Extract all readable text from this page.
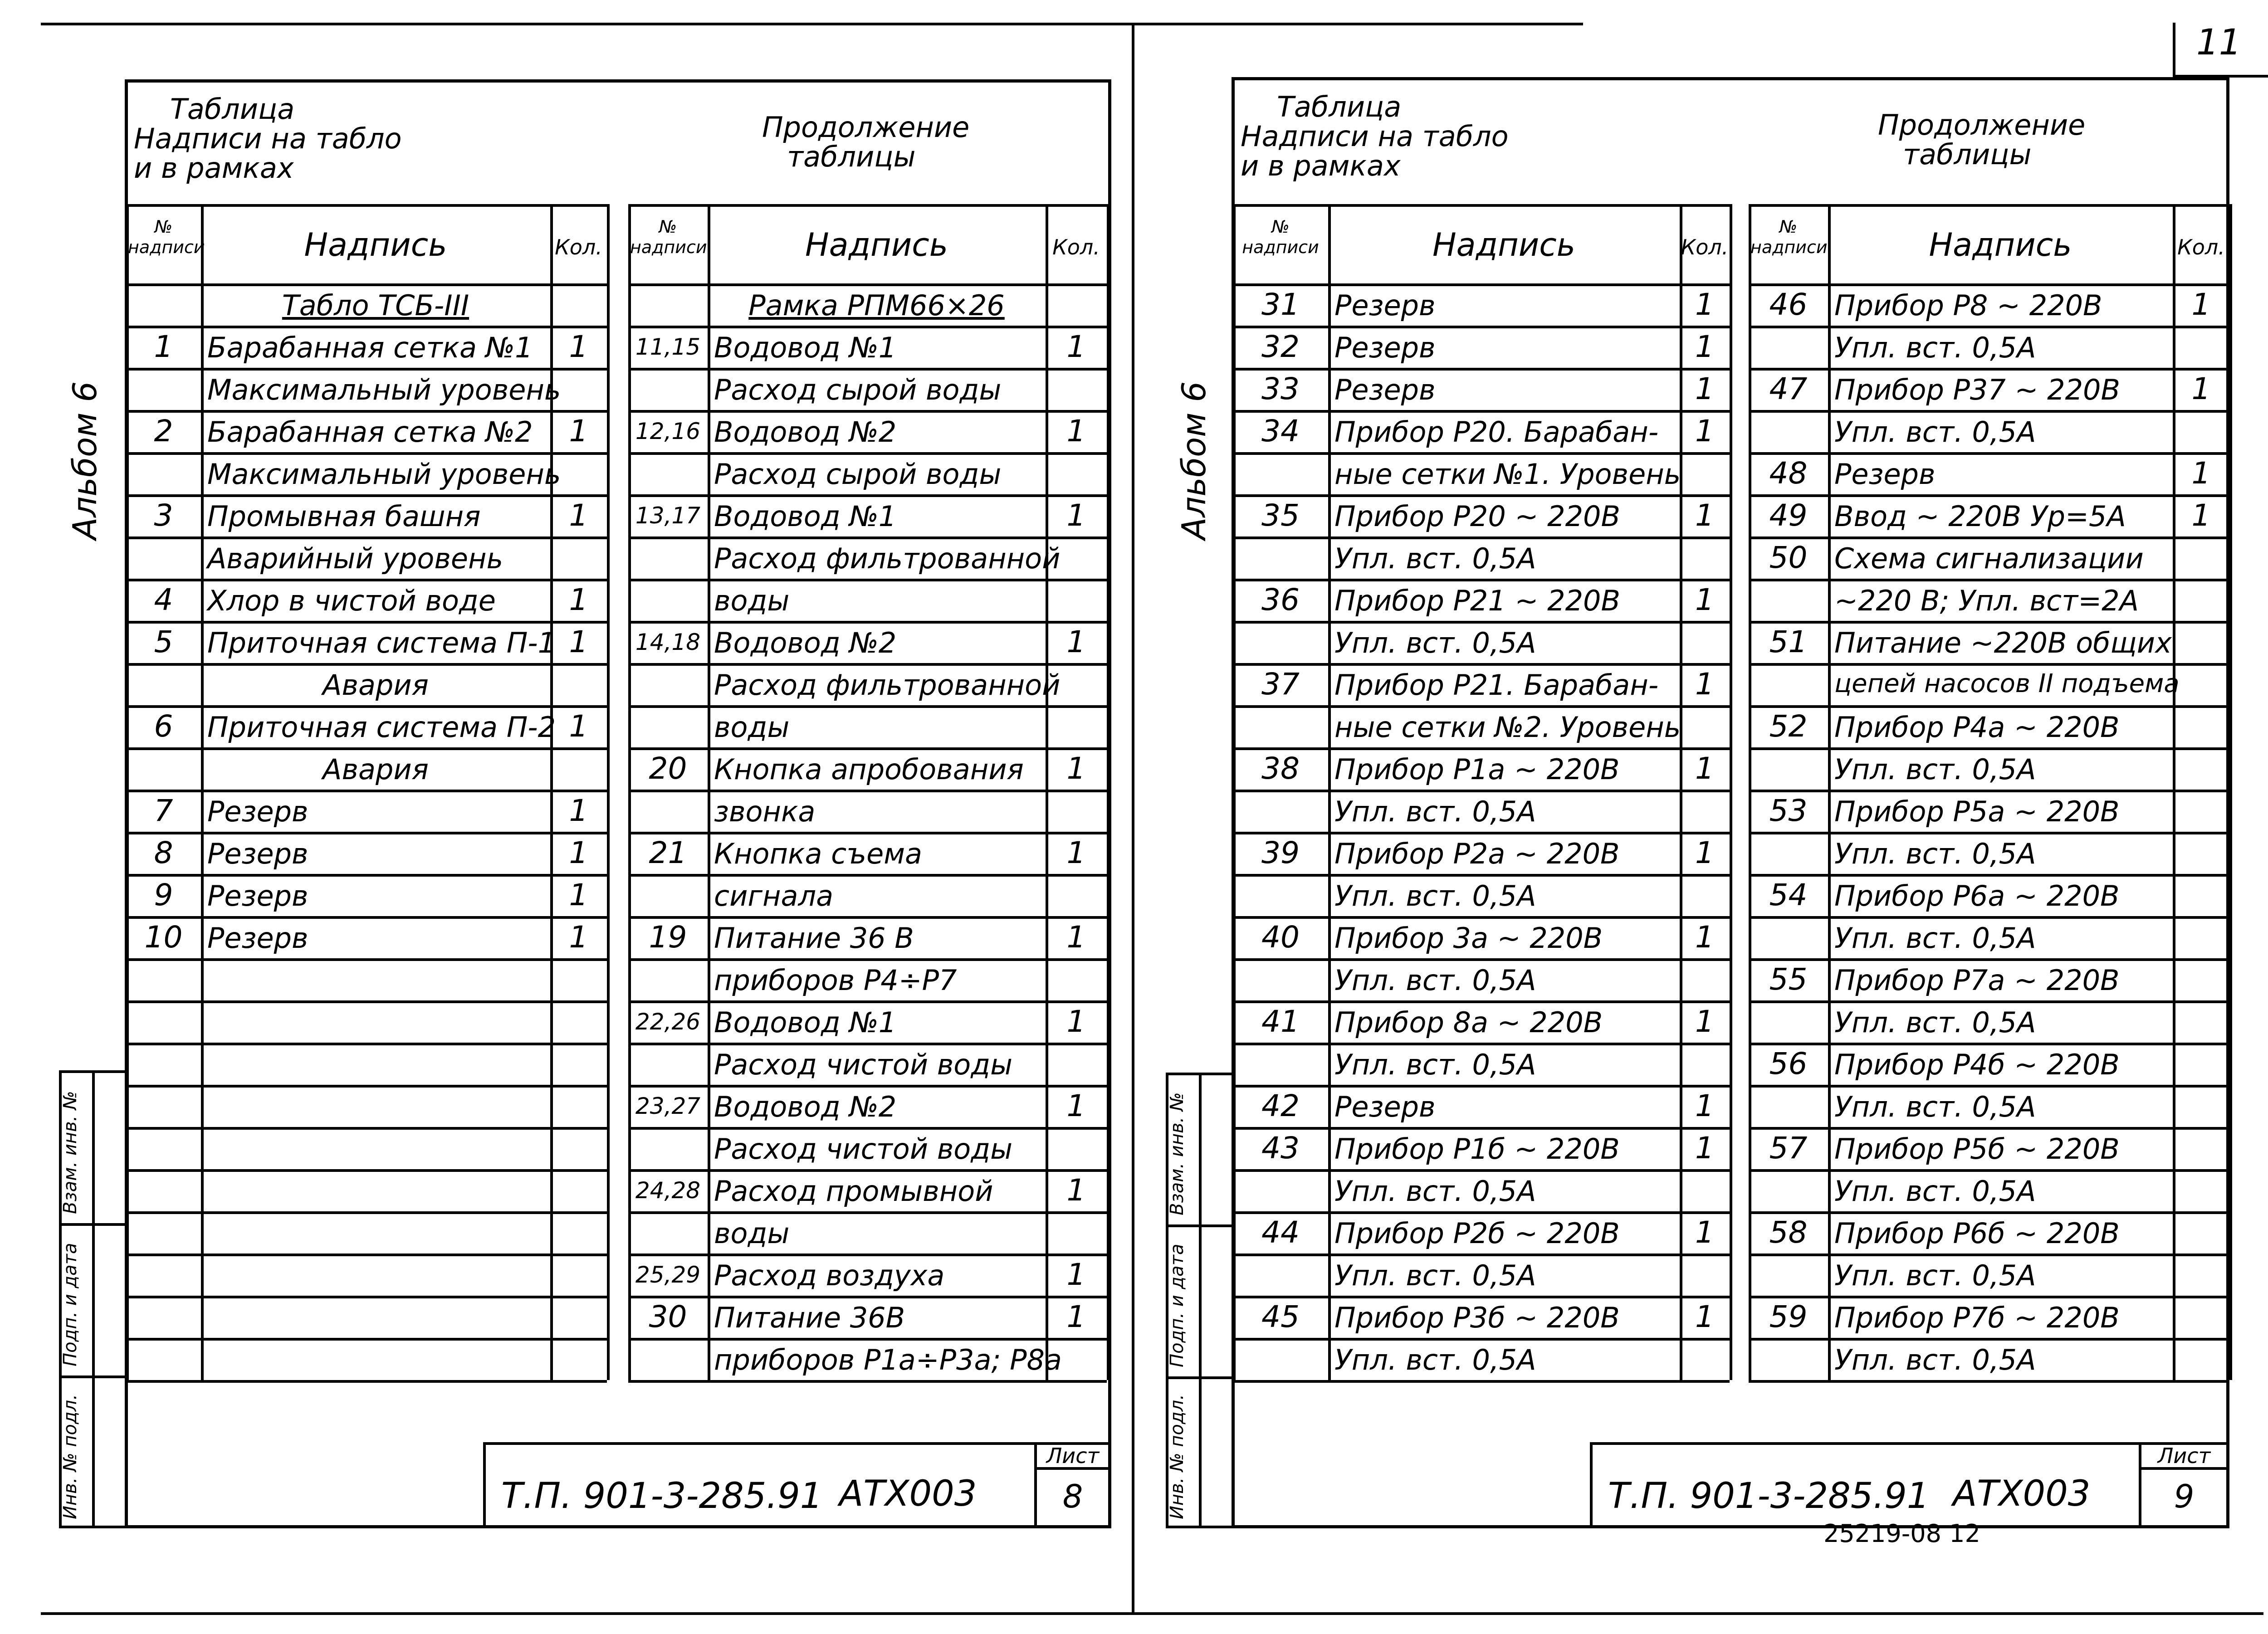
11
25219-08 12
Альбом 6
Инв. № подл.
Подп. и дата
Взам. инв. №
Таблица
Надписи на табло
и в рамках
Продолжение
таблицы
№
надписи	Надпись	Кол.
Табло ТСБ-III
1	Барабанная сетка №1	1
Максимальный уровень
2	Барабанная сетка №2	1
Максимальный уровень
3	Промывная башня	1
Аварийный уровень
4	Хлор в чистой воде	1
5	Приточная система П-1 1
Авария
6	Приточная система П-2 1
Авария
7	Резерв	1
8	Резерв	1
9	Резерв	1
10 Резерв	1
№
надписи	Надпись	Кол.
Рамка РПМ66×26
11,15 Водовод №1	1
Расход сырой воды
12,16 Водовод №2	1
Расход сырой воды
13,17 Водовод №1	1
Расход фильтрованной
воды
14,18 Водовод №2	1
Расход фильтрованной
воды
20 Кнопка апробования	1
звонка
21 Кнопка съема	1
сигнала
19 Питание 36 В	1
приборов Р4÷Р7
22,26 Водовод №1	1
Расход чистой воды
23,27 Водовод №2	1
Расход чистой воды
24,28 Расход промывной	1
воды
25,29 Расход воздуха	1
30 Питание 36В	1
приборов Р1а÷Р3а; Р8а
Т.П. 901-3-285.91 АТХ003
Лист
8
Альбом 6
Инв. № подл.
Подп. и дата
Взам. инв. №
Таблица
Надписи на табло
и в рамках
Продолжение
таблицы
№
надписи	Надпись	Кол.
31	Резерв	1
32	Резерв	1
33	Резерв	1
34	Прибор Р20. Барабан-	1
ные сетки №1. Уровень
35	Прибор Р20 ~ 220В	1
Упл. вст. 0,5А
36	Прибор Р21 ~ 220В	1
Упл. вст. 0,5А
37	Прибор Р21. Барабан-	1
ные сетки №2. Уровень
38	Прибор Р1а ~ 220В	1
Упл. вст. 0,5А
39	Прибор Р2а ~ 220В	1
Упл. вст. 0,5А
40	Прибор 3а ~ 220В	1
Упл. вст. 0,5А
41	Прибор 8а ~ 220В	1
Упл. вст. 0,5А
42	Резерв	1
43	Прибор Р1б ~ 220В	1
Упл. вст. 0,5А
44	Прибор Р2б ~ 220В	1
Упл. вст. 0,5А
45	Прибор Р3б ~ 220В	1
Упл. вст. 0,5А
№
надписи	Надпись	Кол.
46 Прибор Р8 ~ 220В	1
Упл. вст. 0,5А
47 Прибор Р37 ~ 220В	1
Упл. вст. 0,5А
48 Резерв	1
49 Ввод ~ 220В Ур=5А	1
50 Схема сигнализации
~220 В; Упл. вст=2А
51 Питание ~220В общих
цепей насосов II подъема
52 Прибор Р4а ~ 220В
Упл. вст. 0,5А
53 Прибор Р5а ~ 220В
Упл. вст. 0,5А
54 Прибор Р6а ~ 220В
Упл. вст. 0,5А
55 Прибор Р7а ~ 220В
Упл. вст. 0,5А
56 Прибор Р4б ~ 220В
Упл. вст. 0,5А
57 Прибор Р5б ~ 220В
Упл. вст. 0,5А
58 Прибор Р6б ~ 220В
Упл. вст. 0,5А
59 Прибор Р7б ~ 220В
Упл. вст. 0,5А
Т.П. 901-3-285.91 АТХ003
Лист
9
